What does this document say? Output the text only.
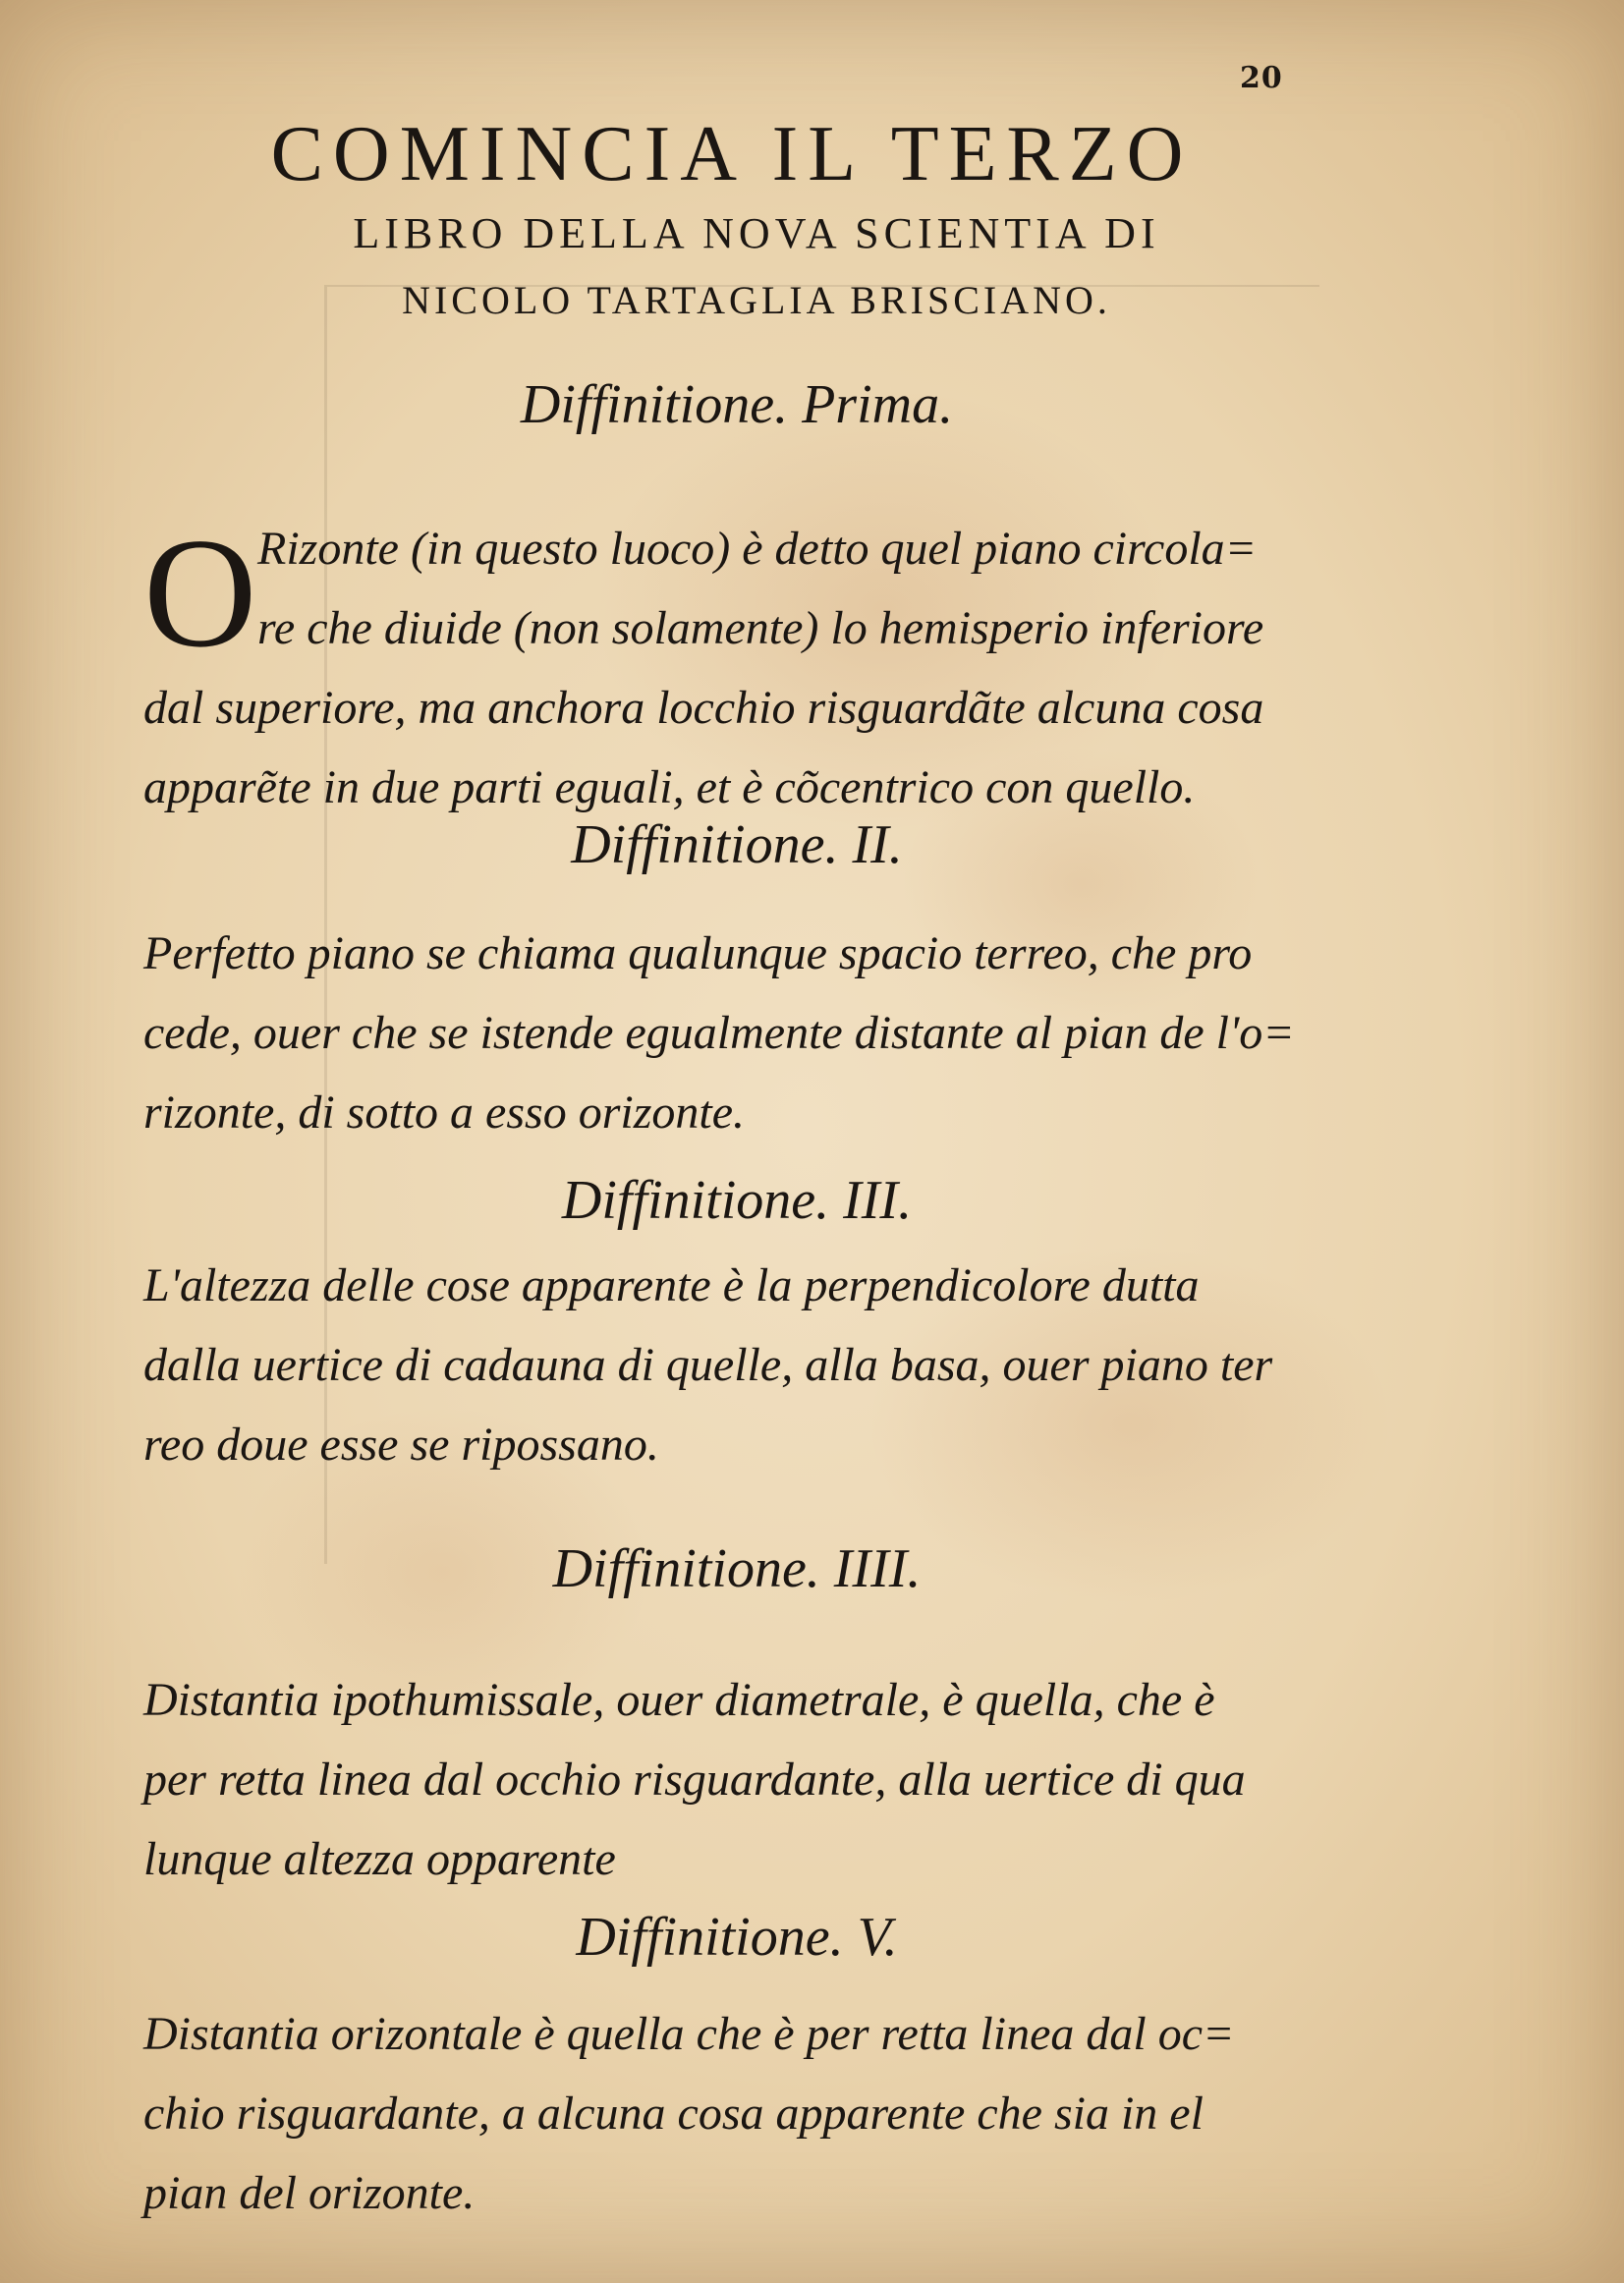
20
COMINCIA IL TERZO
LIBRO DELLA NOVA SCIENTIA DI
NICOLO TARTAGLIA BRISCIANO.
Diffinitione. Prima.
O Rizonte (in questo luoco) è detto quel piano circola=
re che diuide (non solamente) lo hemisperio inferiore
dal superiore, ma anchora locchio risguardãte alcuna cosa
apparẽte in due parti eguali, et è cõcentrico con quello.
Diffinitione. II.
Perfetto piano se chiama qualunque spacio terreo, che pro
cede, ouer che se istende egualmente distante al pian de l'o=
rizonte, di sotto a esso orizonte.
Diffinitione. III.
L'altezza delle cose apparente è la perpendicolore dutta
dalla uertice di cadauna di quelle, alla basa, ouer piano ter
reo doue esse se ripossano.
Diffinitione. IIII.
Distantia ipothumissale, ouer diametrale, è quella, che è
per retta linea dal occhio risguardante, alla uertice di qua
lunque altezza opparente
Diffinitione. V.
Distantia orizontale è quella che è per retta linea dal oc=
chio risguardante, a alcuna cosa apparente che sia in el
pian del orizonte.
